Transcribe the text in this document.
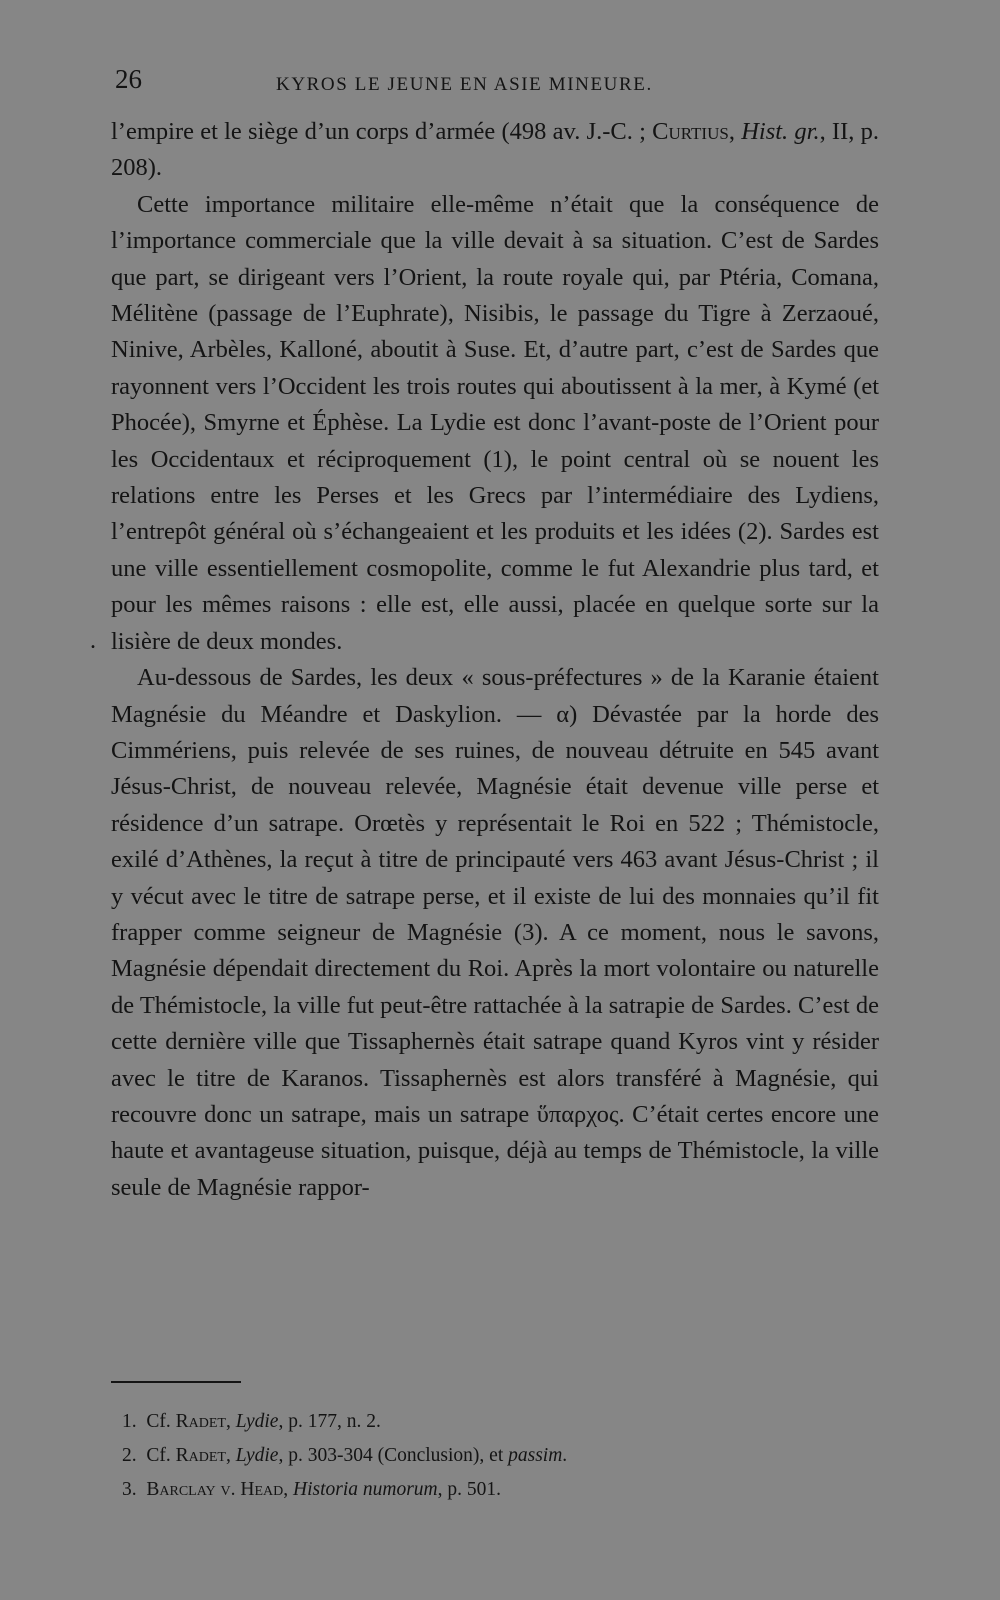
26	KYROS LE JEUNE EN ASIE MINEURE.
.

l’empire et le siège d’un corps d’armée (498 av. J.-C. ; Curtius, Hist. gr., II, p. 208).

Cette importance militaire elle-même n’était que la conséquence de l’importance commerciale que la ville devait à sa situation. C’est de Sardes que part, se dirigeant vers l’Orient, la route royale qui, par Ptéria, Comana, Mélitène (passage de l’Euphrate), Nisibis, le passage du Tigre à Zerzaoué, Ninive, Arbèles, Kalloné, aboutit à Suse. Et, d’autre part, c’est de Sardes que rayonnent vers l’Occident les trois routes qui aboutissent à la mer, à Kymé (et Phocée), Smyrne et Éphèse. La Lydie est donc l’avant-poste de l’Orient pour les Occidentaux et réciproquement (1), le point central où se nouent les relations entre les Perses et les Grecs par l’intermédiaire des Lydiens, l’entrepôt général où s’échangeaient et les produits et les idées (2). Sardes est une ville essentiellement cosmopolite, comme le fut Alexandrie plus tard, et pour les mêmes raisons : elle est, elle aussi, placée en quelque sorte sur la lisière de deux mondes.

Au-dessous de Sardes, les deux « sous-préfectures » de la Karanie étaient Magnésie du Méandre et Daskylion. — α) Dévastée par la horde des Cimmériens, puis relevée de ses ruines, de nouveau détruite en 545 avant Jésus-Christ, de nouveau relevée, Magnésie était devenue ville perse et résidence d’un satrape. Orœtès y représentait le Roi en 522 ; Thémistocle, exilé d’Athènes, la reçut à titre de principauté vers 463 avant Jésus-Christ ; il y vécut avec le titre de satrape perse, et il existe de lui des monnaies qu’il fit frapper comme seigneur de Magnésie (3). A ce moment, nous le savons, Magnésie dépendait directement du Roi. Après la mort volontaire ou naturelle de Thémistocle, la ville fut peut-être rattachée à la satrapie de Sardes. C’est de cette dernière ville que Tissaphernès était satrape quand Kyros vint y résider avec le titre de Karanos. Tissaphernès est alors transféré à Magnésie, qui recouvre donc un satrape, mais un satrape ὕπαρχος. C’était certes encore une haute et avantageuse situation, puisque, déjà au temps de Thémistocle, la ville seule de Magnésie rappor-

1. Cf. Radet, Lydie, p. 177, n. 2.
2. Cf. Radet, Lydie, p. 303-304 (Conclusion), et passim.
3. Barclay v. Head, Historia numorum, p. 501.
